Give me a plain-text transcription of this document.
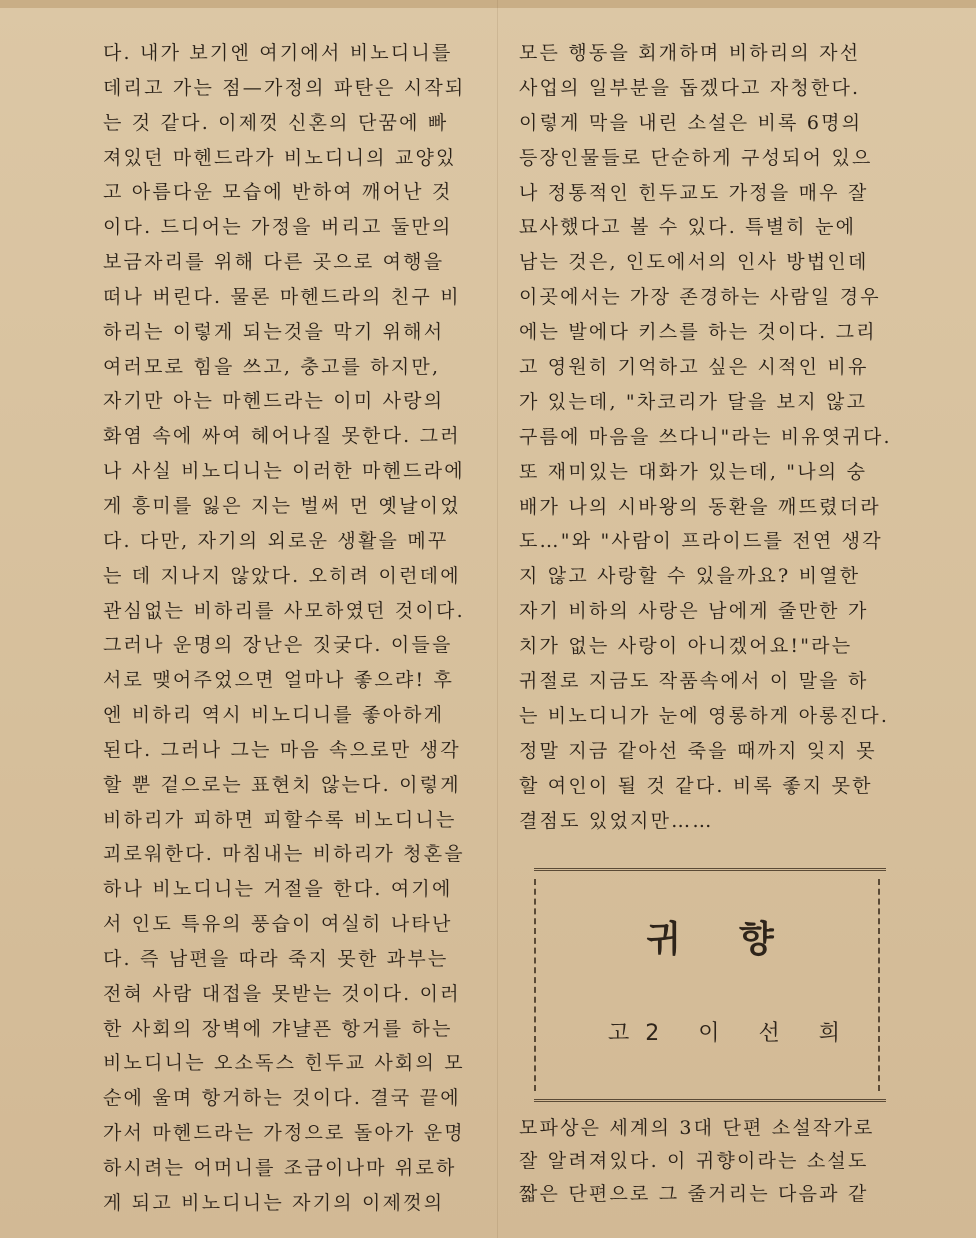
다. 내가 보기엔 여기에서 비노디니를
데리고 가는 점—가정의 파탄은 시작되
는 것 같다. 이제껏 신혼의 단꿈에 빠
져있던 마헨드라가 비노디니의 교양있
고 아름다운 모습에 반하여 깨어난 것
이다. 드디어는 가정을 버리고 둘만의
보금자리를 위해 다른 곳으로 여행을
떠나 버린다. 물론 마헨드라의 친구 비
하리는 이렇게 되는것을 막기 위해서
여러모로 힘을 쓰고, 충고를 하지만,
자기만 아는 마헨드라는 이미 사랑의
화염 속에 싸여 헤어나질 못한다. 그러
나 사실 비노디니는 이러한 마헨드라에
게 흥미를 잃은 지는 벌써 먼 옛날이었
다. 다만, 자기의 외로운 생활을 메꾸
는 데 지나지 않았다. 오히려 이런데에
관심없는 비하리를 사모하였던 것이다.
그러나 운명의 장난은 짓궂다. 이들을
서로 맺어주었으면 얼마나 좋으랴! 후
엔 비하리 역시 비노디니를 좋아하게
된다. 그러나 그는 마음 속으로만 생각
할 뿐 겉으로는 표현치 않는다. 이렇게
비하리가 피하면 피할수록 비노디니는
괴로워한다. 마침내는 비하리가 청혼을
하나 비노디니는 거절을 한다. 여기에
서 인도 특유의 풍습이 여실히 나타난
다. 즉 남편을 따라 죽지 못한 과부는
전혀 사람 대접을 못받는 것이다. 이러
한 사회의 장벽에 갸냘픈 항거를 하는
비노디니는 오소독스 힌두교 사회의 모
순에 울며 항거하는 것이다. 결국 끝에
가서 마헨드라는 가정으로 돌아가 운명
하시려는 어머니를 조금이나마 위로하
게 되고 비노디니는 자기의 이제껏의
모든 행동을 회개하며 비하리의 자선
사업의 일부분을 돕겠다고 자청한다.
이렇게 막을 내린 소설은 비록 6명의
등장인물들로 단순하게 구성되어 있으
나 정통적인 힌두교도 가정을 매우 잘
묘사했다고 볼 수 있다. 특별히 눈에
남는 것은, 인도에서의 인사 방법인데
이곳에서는 가장 존경하는 사람일 경우
에는 발에다 키스를 하는 것이다. 그리
고 영원히 기억하고 싶은 시적인 비유
가 있는데, "차코리가 달을 보지 않고
구름에 마음을 쓰다니"라는 비유엿귀다.
또 재미있는 대화가 있는데, "나의 숭
배가 나의 시바왕의 동환을 깨뜨렸더라
도…"와 "사람이 프라이드를 전연 생각
지 않고 사랑할 수 있을까요? 비열한
자기 비하의 사랑은 남에게 줄만한 가
치가 없는 사랑이 아니겠어요!"라는
귀절로 지금도 작품속에서 이 말을 하
는 비노디니가 눈에 영롱하게 아롱진다.
정말 지금 같아선 죽을 때까지 잊지 못
할 여인이 될 것 같다. 비록 좋지 못한
결점도 있었지만……
귀향
고2 이 선 희
모파상은 세계의 3대 단편 소설작가로
잘 알려져있다. 이 귀향이라는 소설도
짧은 단편으로 그 줄거리는 다음과 같
